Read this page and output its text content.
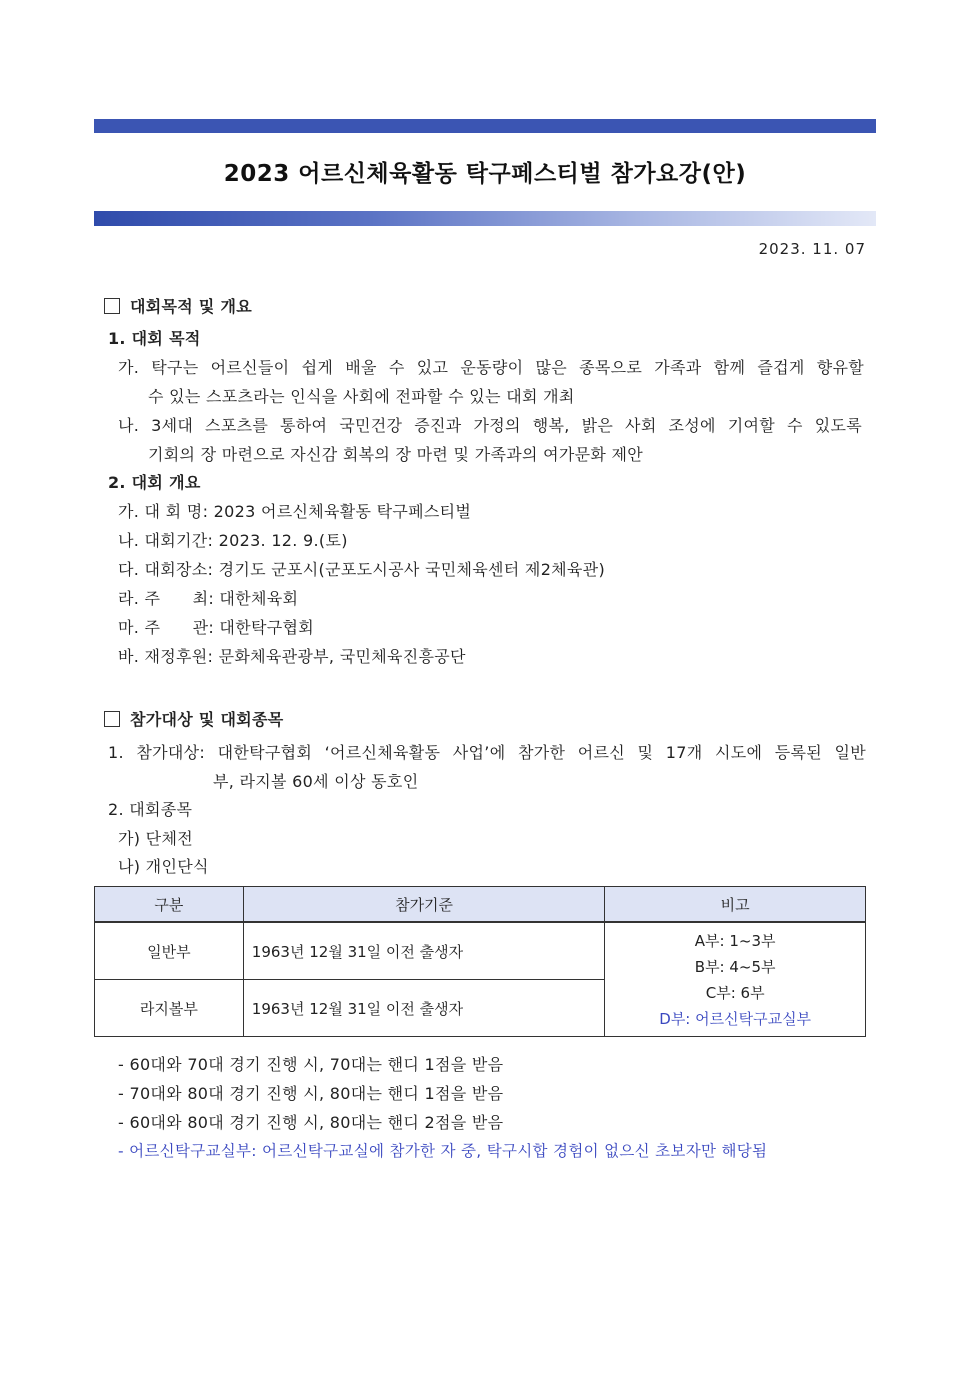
2023 어르신체육활동 탁구페스티벌 참가요강(안)
2023. 11. 07
대회목적 및 개요
1. 대회 목적
가. 탁구는 어르신들이 쉽게 배울 수 있고 운동량이 많은 종목으로 가족과 함께 즐겁게 향유할
수 있는 스포츠라는 인식을 사회에 전파할 수 있는 대회 개최
나. 3세대 스포츠를 통하여 국민건강 증진과 가정의 행복, 밝은 사회 조성에 기여할 수 있도록
기회의 장 마련으로 자신감 회복의 장 마련 및 가족과의 여가문화 제안
2. 대회 개요
가. 대 회 명: 2023 어르신체육활동 탁구페스티벌
나. 대회기간: 2023. 12. 9.(토)
다. 대회장소: 경기도 군포시(군포도시공사 국민체육센터 제2체육관)
라. 주      최: 대한체육회
마. 주      관: 대한탁구협회
바. 재정후원: 문화체육관광부, 국민체육진흥공단
참가대상 및 대회종목
1. 참가대상: 대한탁구협회 ‘어르신체육활동 사업’에 참가한 어르신 및 17개 시도에 등록된 일반
부, 라지볼 60세 이상 동호인
2. 대회종목
가) 단체전
나) 개인단식
구분	참가기준	비고
일반부	1963년 12월 31일 이전 출생자	A부: 1~3부
B부: 4~5부
C부: 6부
D부: 어르신탁구교실부

라지볼부	1963년 12월 31일 이전 출생자	
- 60대와 70대 경기 진행 시, 70대는 핸디 1점을 받음
- 70대와 80대 경기 진행 시, 80대는 핸디 1점을 받음
- 60대와 80대 경기 진행 시, 80대는 핸디 2점을 받음
- 어르신탁구교실부: 어르신탁구교실에 참가한 자 중, 탁구시합 경험이 없으신 초보자만 해당됨
